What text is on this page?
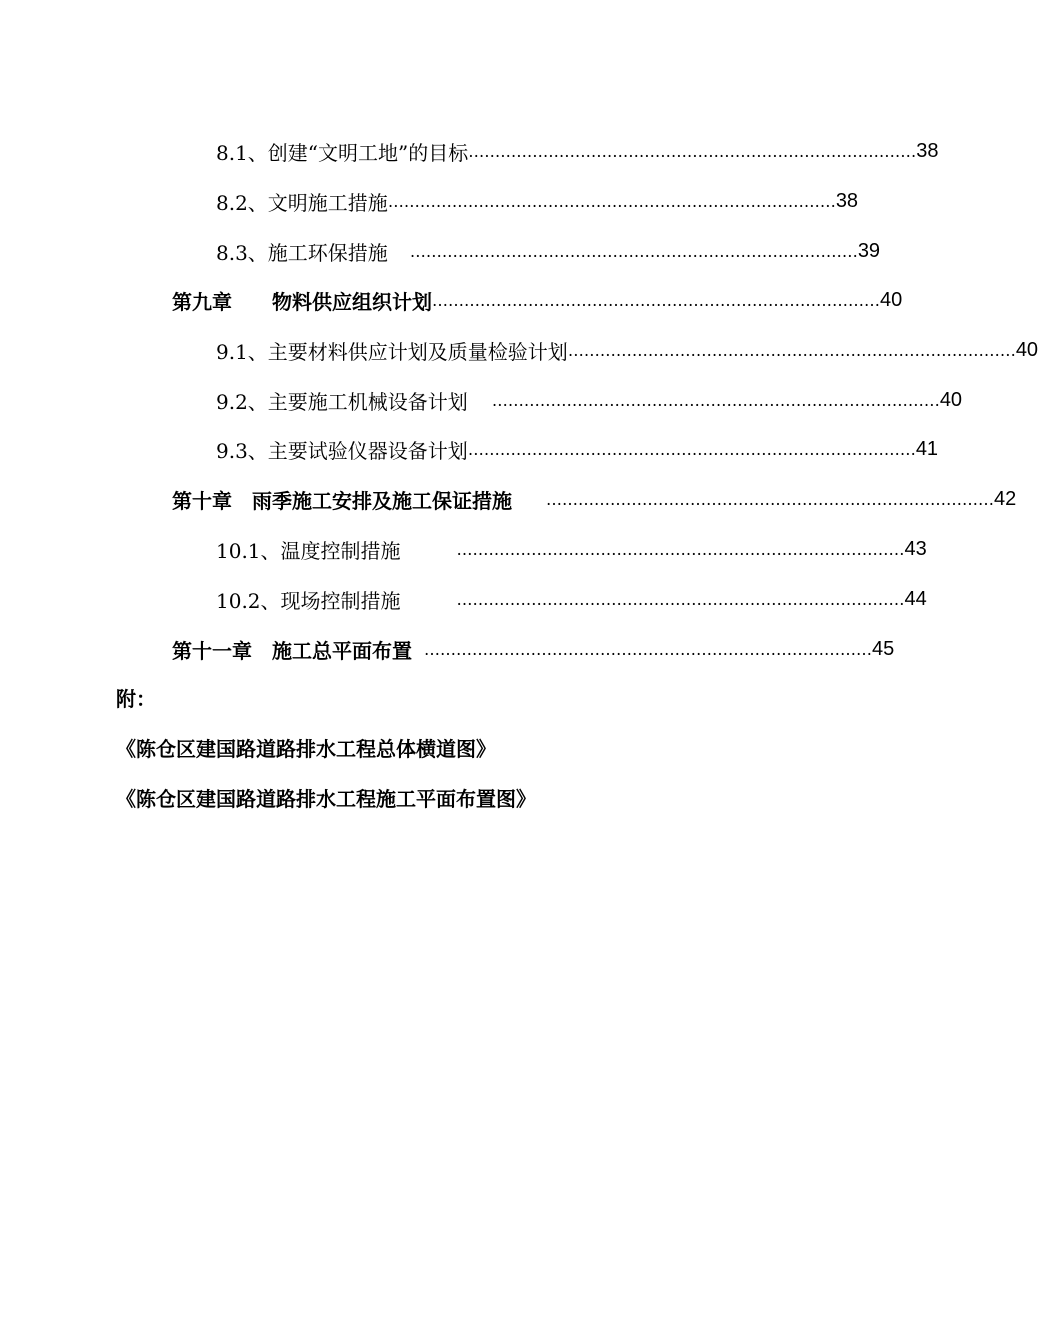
8.1、创建“文明工地”的目标 ………………………………………………………………………… 38
8.2、文明施工措施 ………………………………………………………………………… 38
8.3、施工环保措施 ………………………………………………………………………… 39
第九章　　物料供应组织计划 ………………………………………………………………………… 40
9.1、主要材料供应计划及质量检验计划 ………………………………………………………………………… 40
9.2、主要施工机械设备计划 ………………………………………………………………………… 40
9.3、主要试验仪器设备计划 ………………………………………………………………………… 41
第十章　雨季施工安排及施工保证措施 ………………………………………………………………………… 42
10.1、温度控制措施	………………………………………………………………………… 43
10.2、现场控制措施	………………………………………………………………………… 44
第十一章　施工总平面布置 ………………………………………………………………………… 45
附：
《陈仓区建国路道路排水工程总体横道图》
《陈仓区建国路道路排水工程施工平面布置图》
